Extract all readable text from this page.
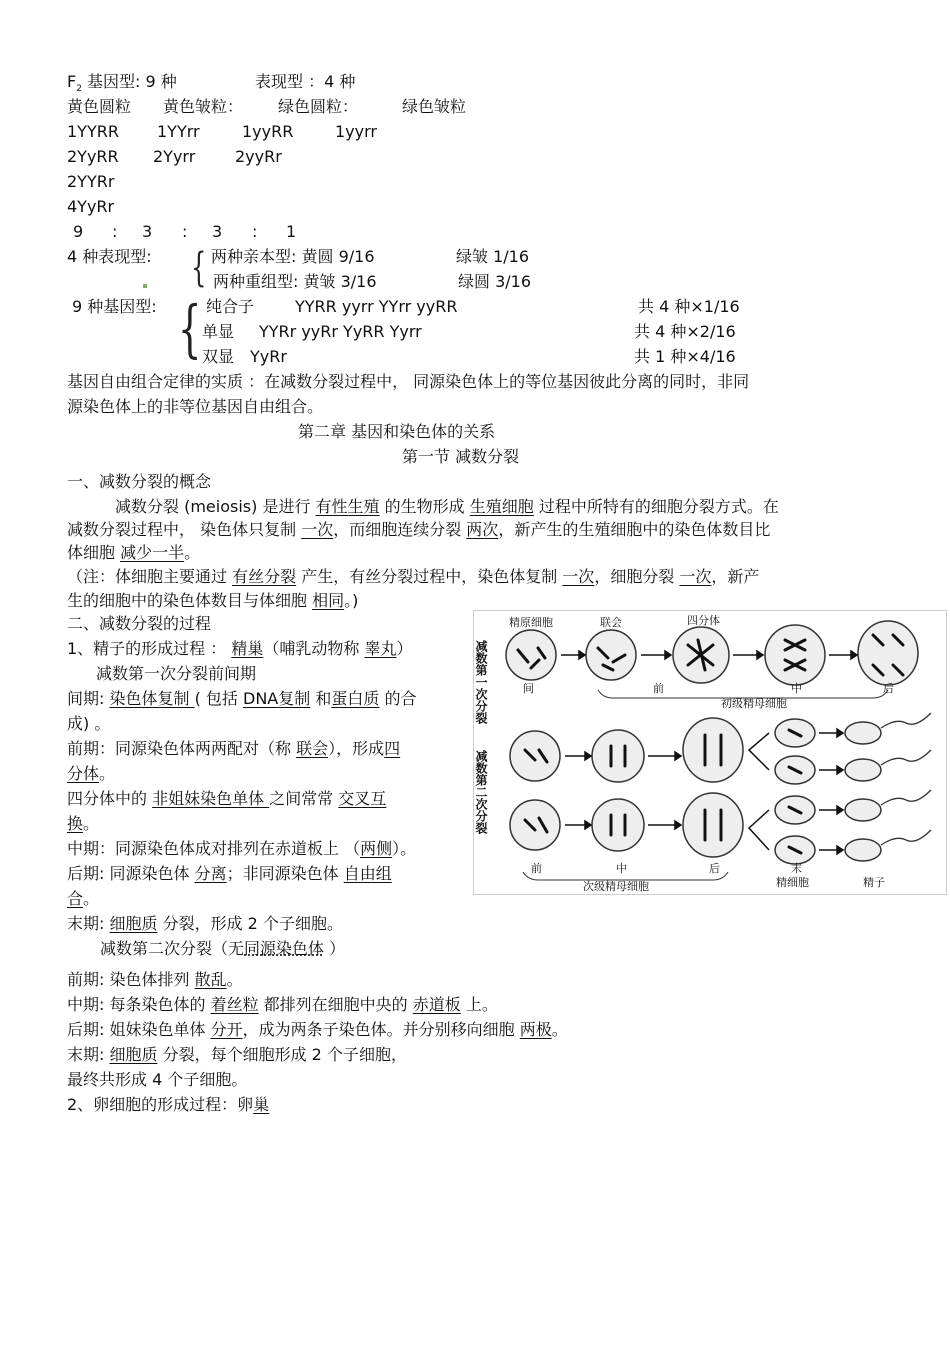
$F_2$ 基因型: 9 种	表现型 ：4 种
黄色圆粒 黄色皱粒： 绿色圆粒：	绿色皱粒
1YYRR 1YYrr	1yyRR	1yyrr
2YyRR 2Yyrr 2yyRr
2YYRr
4YyRr
9 : 3 : 3 : 1
4 种表现型: { 两种亲本型: 黄圆 9/16	绿皱 1/16
两种重组型: 黄皱 3/16	绿圆 3/16
9 种基因型: { 纯合子	YYRR yyrr YYrr yyRR	共 4 种×1/16
单显 YYRr yyRr YyRR Yyrr	共 4 种×2/16
双显 YyRr	共 1 种×4/16
基因自由组合定律的实质 ：在减数分裂过程中， 同源染色体上的等位基因彼此分离的同时，非同
源染色体上的非等位基因自由组合。
第二章 基因和染色体的关系
第一节 减数分裂
一、减数分裂的概念
减数分裂 (meiosis) 是进行 有性生殖 的生物形成 生殖细胞 过程中所特有的细胞分裂方式。在
减数分裂过程中， 染色体只复制 一次，而细胞连续分裂 两次，新产生的生殖细胞中的染色体数目比
体细胞 减少一半。
（注：体细胞主要通过 有丝分裂 产生，有丝分裂过程中，染色体复制 一次，细胞分裂 一次，新产
生的细胞中的染色体数目与体细胞 相同。)
二、减数分裂的过程
1、精子的形成过程 ： 精巢（哺乳动物称 睾丸）
减数第一次分裂前间期
间期: 染色体复制 ( 包括 DNA复制 和蛋白质 的合
成) 。
前期：同源染色体两两配对（称 联会），形成四
分体。
四分体中的 非姐妹染色单体 之间常常 交叉互
换。
中期：同源染色体成对排列在赤道板上 （两侧）。
后期: 同源染色体 分离；非同源染色体 自由组
合。
末期: 细胞质 分裂，形成 2 个子细胞。
减数第二次分裂（无同源染色体 ）
前期: 染色体排列 散乱。
中期: 每条染色体的 着丝粒 都排列在细胞中央的 赤道板 上。
后期: 姐妹染色单体 分开，成为两条子染色体。并分别移向细胞 两极。
末期: 细胞质 分裂，每个细胞形成 2 个子细胞，
最终共形成 4 个子细胞。
2、卵细胞的形成过程：卵巢
减数第一次分裂
减数第二次分裂
精原细胞	联会	四分体
间	前	中	后
初级精母细胞
前	中	后	末
次级精母细胞	精细胞	精子
